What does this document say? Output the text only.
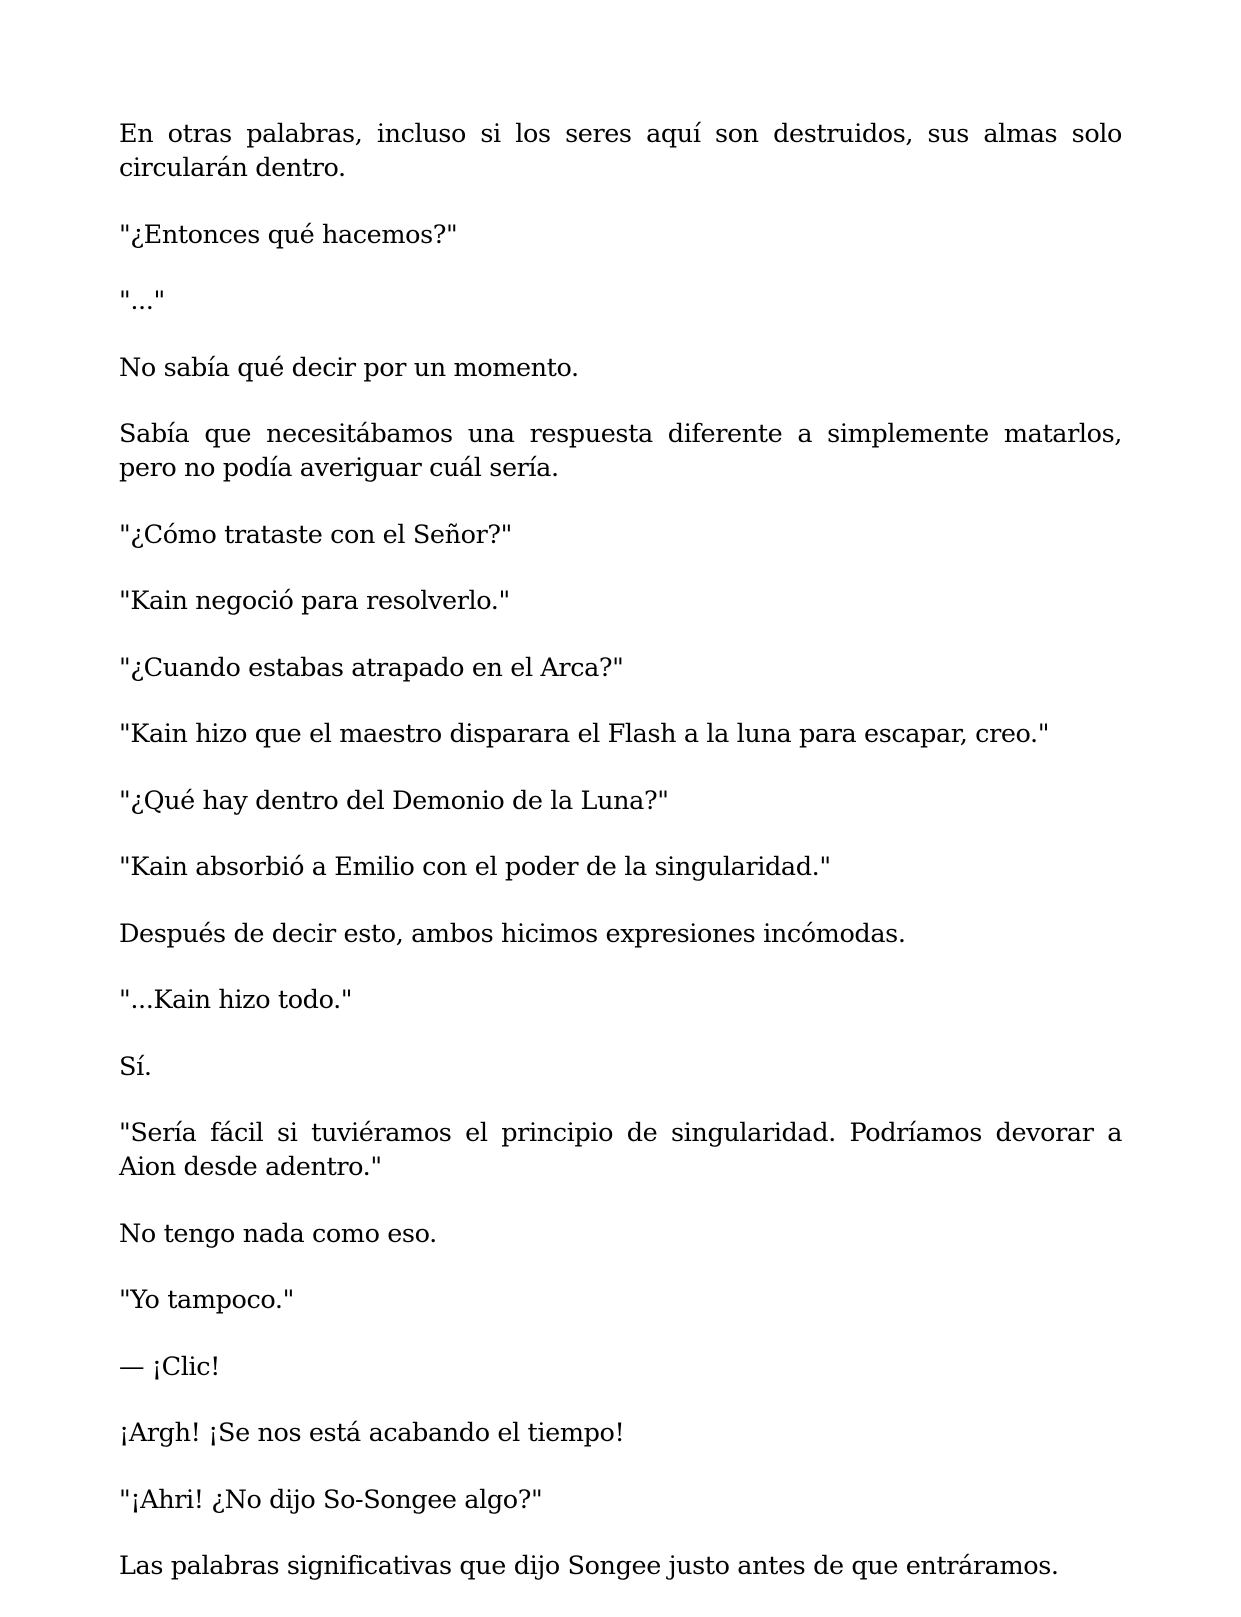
En otras palabras, incluso si los seres aquí son destruidos, sus almas solo circularán dentro.

"¿Entonces qué hacemos?"

"..."

No sabía qué decir por un momento.

Sabía que necesitábamos una respuesta diferente a simplemente matarlos, pero no podía averiguar cuál sería.

"¿Cómo trataste con el Señor?"

"Kain negoció para resolverlo."

"¿Cuando estabas atrapado en el Arca?"

"Kain hizo que el maestro disparara el Flash a la luna para escapar, creo."

"¿Qué hay dentro del Demonio de la Luna?"

"Kain absorbió a Emilio con el poder de la singularidad."

Después de decir esto, ambos hicimos expresiones incómodas.

"...Kain hizo todo."

Sí.

"Sería fácil si tuviéramos el principio de singularidad. Podríamos devorar a Aion desde adentro."

No tengo nada como eso.

"Yo tampoco."

— ¡Clic!

¡Argh! ¡Se nos está acabando el tiempo!

"¡Ahri! ¿No dijo So-Songee algo?"

Las palabras significativas que dijo Songee justo antes de que entráramos.
